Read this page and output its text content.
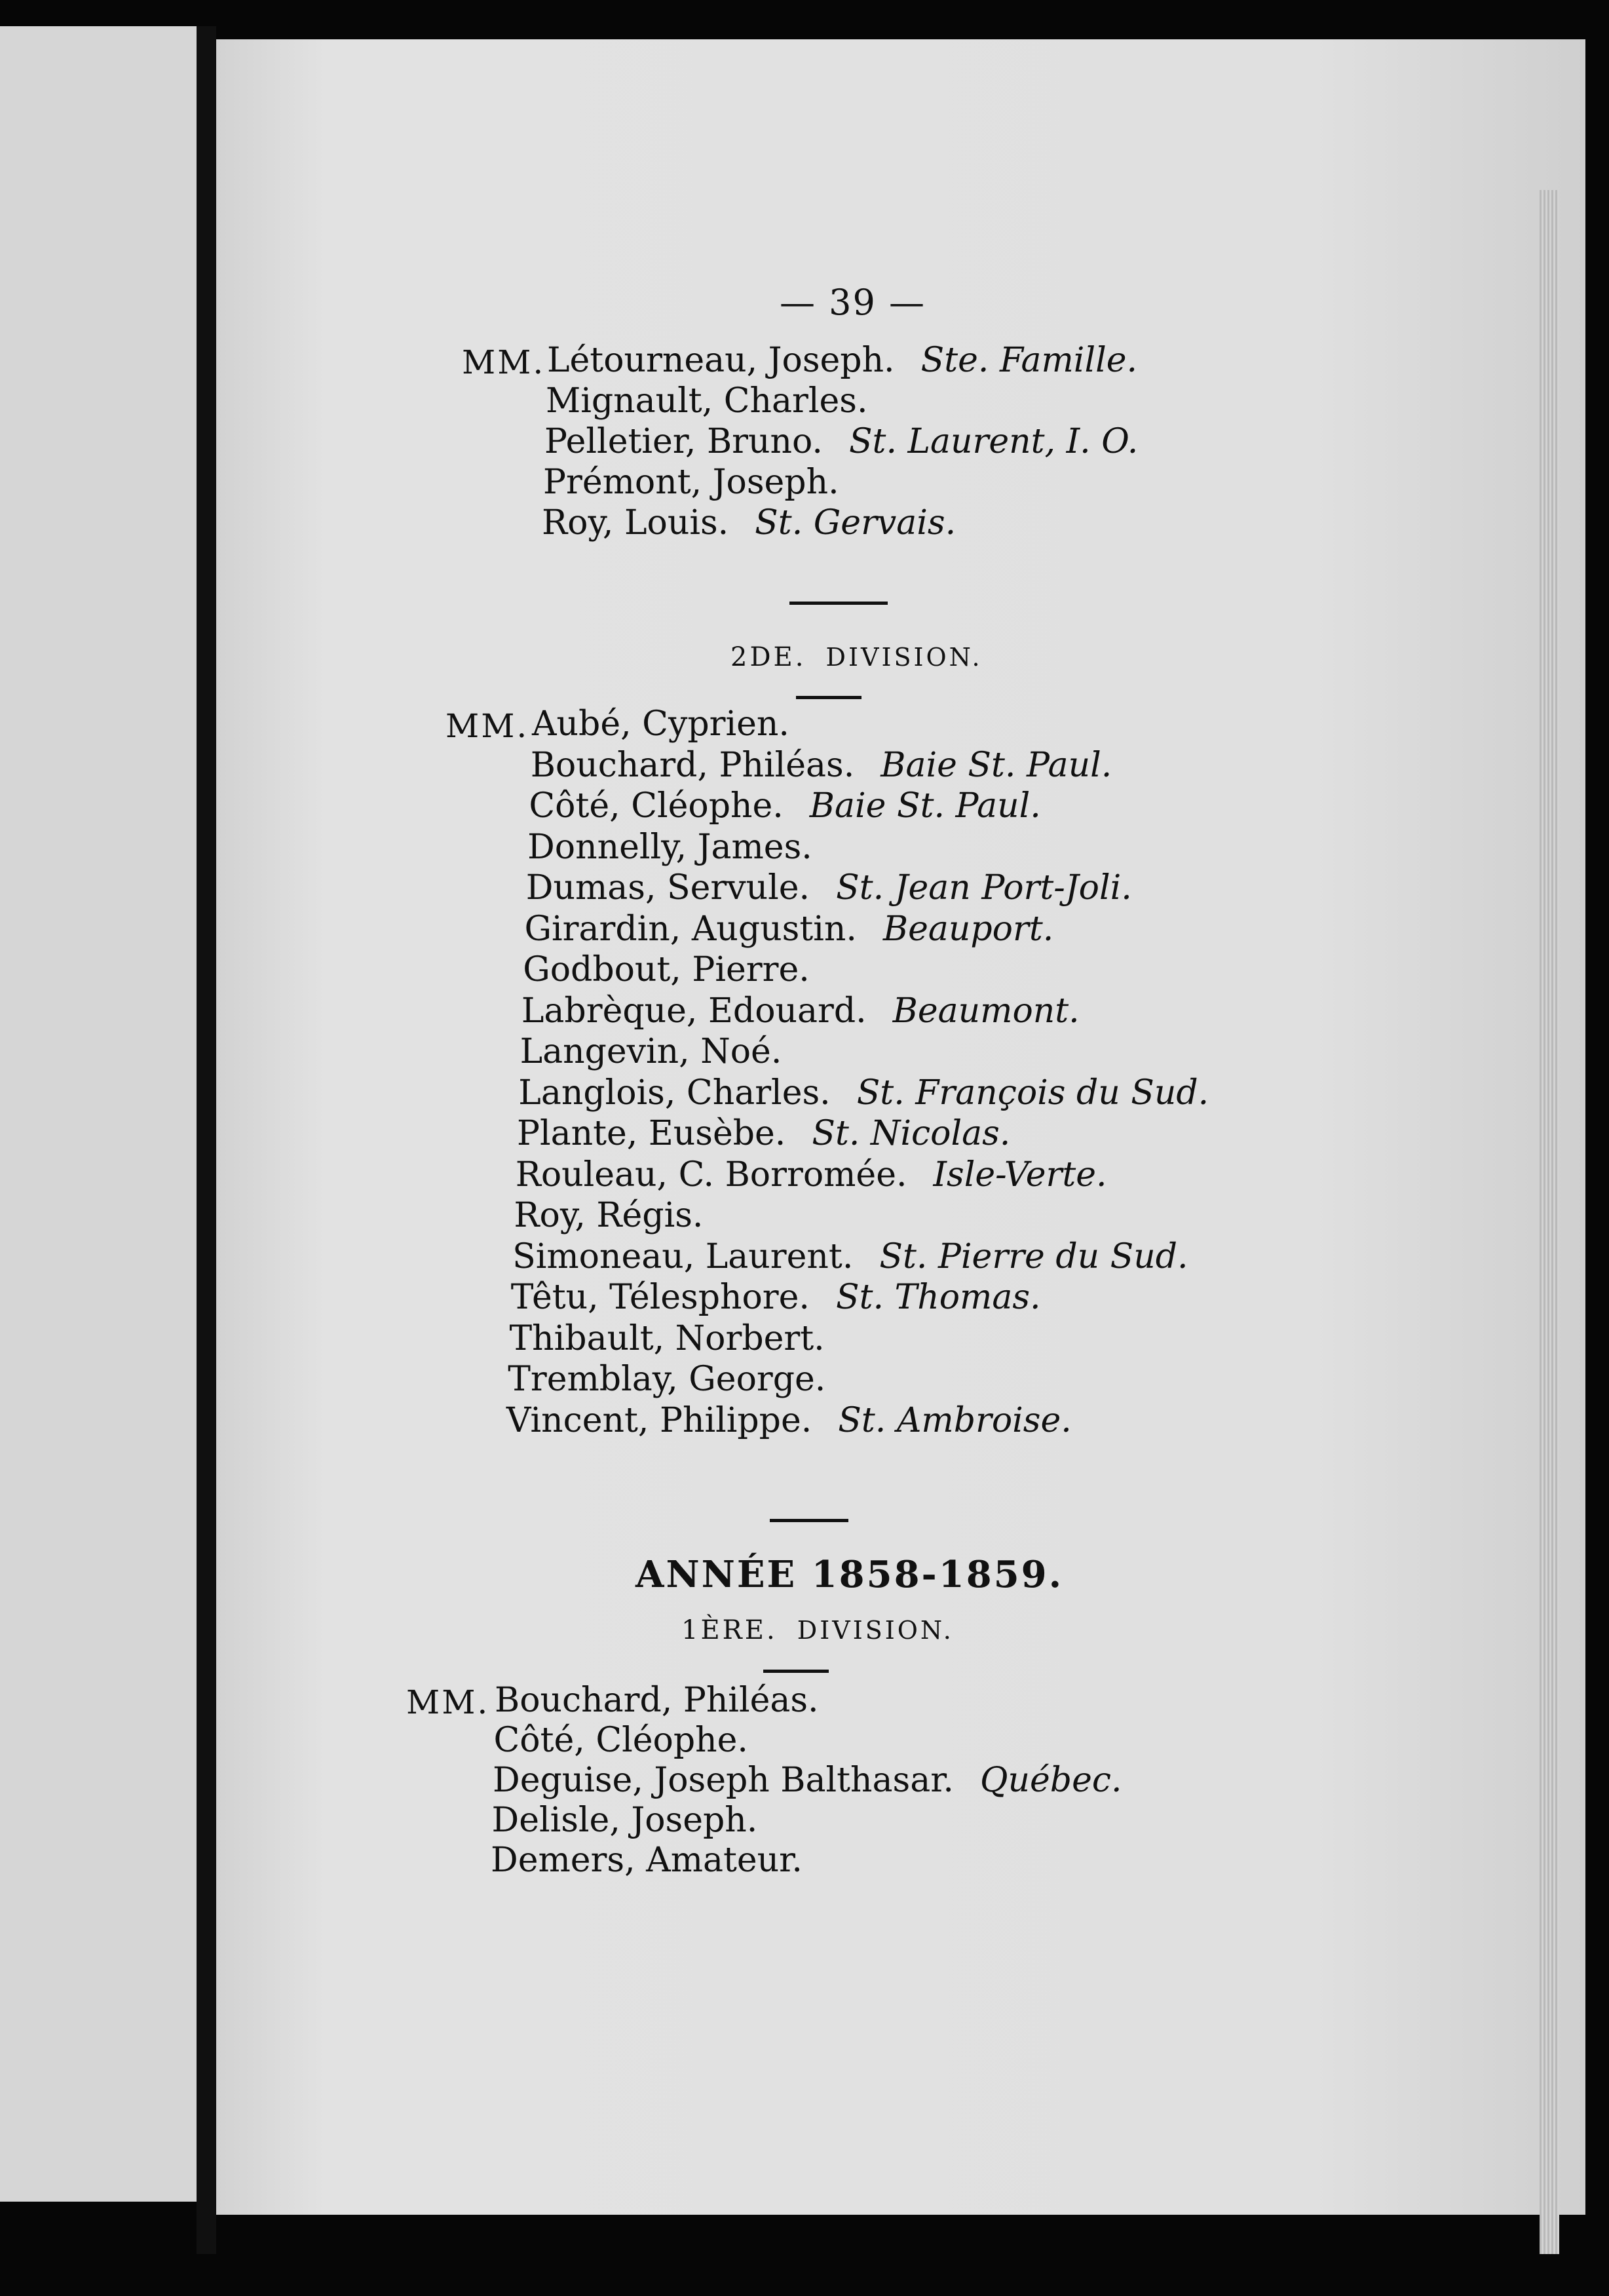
— 39 —
MM. Létourneau, Joseph. Ste. Famille.
Mignault, Charles.
Pelletier, Bruno. St. Laurent, I. O.
Prémont, Joseph.
Roy, Louis. St. Gervais.
2DE. DIVISION.
MM. Aubé, Cyprien.
Bouchard, Philéas. Baie St. Paul.
Côté, Cléophe. Baie St. Paul.
Donnelly, James.
Dumas, Servule. St. Jean Port-Joli.
Girardin, Augustin. Beauport.
Godbout, Pierre.
Labrèque, Edouard. Beaumont.
Langevin, Noé.
Langlois, Charles. St. François du Sud.
Plante, Eusèbe. St. Nicolas.
Rouleau, C. Borromée. Isle-Verte.
Roy, Régis.
Simoneau, Laurent. St. Pierre du Sud.
Têtu, Télesphore. St. Thomas.
Thibault, Norbert.
Tremblay, George.
Vincent, Philippe. St. Ambroise.
ANNÉE 1858-1859.
1ÈRE. DIVISION.
MM. Bouchard, Philéas.
Côté, Cléophe.
Deguise, Joseph Balthasar. Québec.
Delisle, Joseph.
Demers, Amateur.
